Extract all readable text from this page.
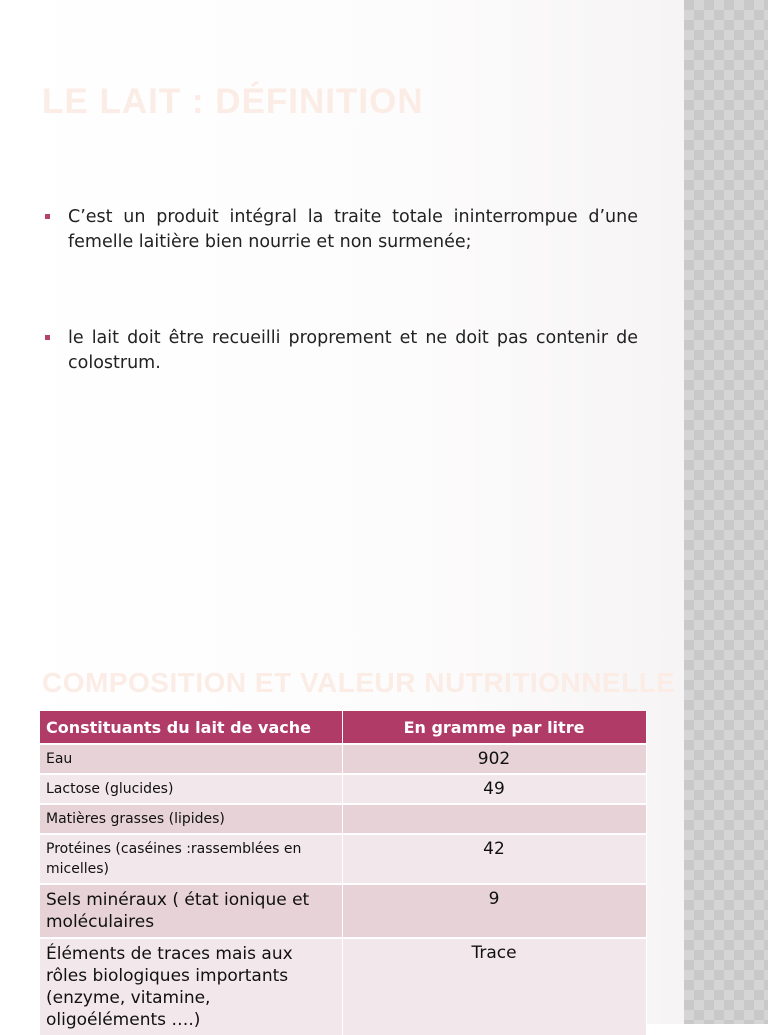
LE LAIT : DÉFINITION
C’est un produit intégral la traite totale ininterrompue d’une femelle laitière bien nourrie et non surmenée;
le lait doit être recueilli proprement et ne doit pas contenir de colostrum.
COMPOSITION ET VALEUR NUTRITIONNELLE
Constituants du lait de vache	En gramme par litre
Eau	902
Lactose (glucides)	49
Matières grasses (lipides)	
Protéines (caséines :rassemblées en micelles)	42
Sels minéraux ( état ionique et moléculaires	9
Éléments de traces mais aux rôles biologiques importants (enzyme, vitamine, oligoéléments ….)	Trace
